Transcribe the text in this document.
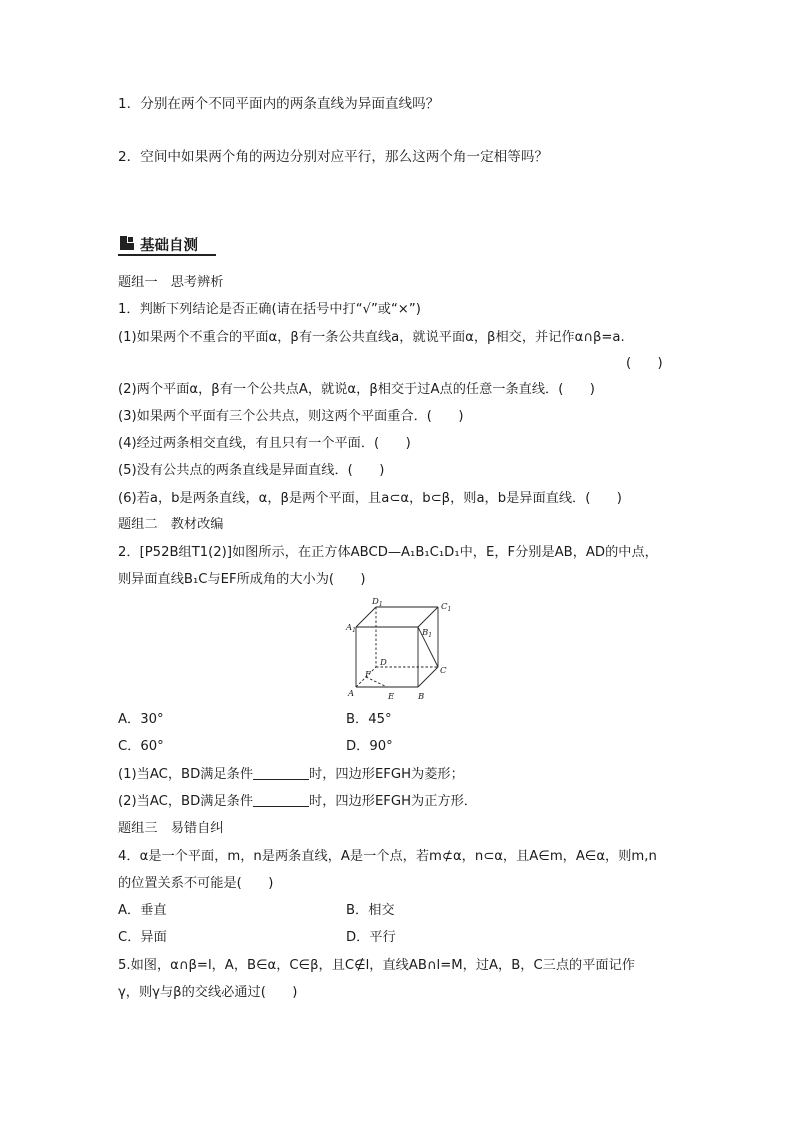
1．分别在两个不同平面内的两条直线为异面直线吗？
2．空间中如果两个角的两边分别对应平行，那么这两个角一定相等吗？
基础自测
题组一　思考辨析
1．判断下列结论是否正确(请在括号中打“√”或“×”)
(1)如果两个不重合的平面α，β有一条公共直线a，就说平面α，β相交，并记作α∩β=a.
(　　)
(2)两个平面α，β有一个公共点A，就说α，β相交于过A点的任意一条直线．(　　)
(3)如果两个平面有三个公共点，则这两个平面重合．(　　)
(4)经过两条相交直线，有且只有一个平面．(　　)
(5)没有公共点的两条直线是异面直线．(　　)
(6)若a，b是两条直线，α，β是两个平面，且a⊂α，b⊂β，则a，b是异面直线．(　　)
题组二　教材改编
2．[P52B组T1(2)]如图所示，在正方体ABCD—A₁B₁C₁D₁中，E，F分别是AB，AD的中点，
则异面直线B₁C与EF所成角的大小为(　　)
$D_1$	$C_1$
$A_1$	$B_1$
D
C
F
A	E	B
A．30°	B．45°
C．60°	D．90°
(1)当AC，BD满足条件	时，四边形EFGH为菱形；
(2)当AC，BD满足条件	时，四边形EFGH为正方形．
题组三　易错自纠
4．α是一个平面，m，n是两条直线，A是一个点，若m⊄α，n⊂α，且A∈m，A∈α，则m,n
的位置关系不可能是(　　)
A．垂直	B．相交
C．异面	D．平行
5.如图，α∩β=l，A，B∈α，C∈β，且C∉l，直线AB∩l=M，过A，B，C三点的平面记作
γ，则γ与β的交线必通过(　　)
